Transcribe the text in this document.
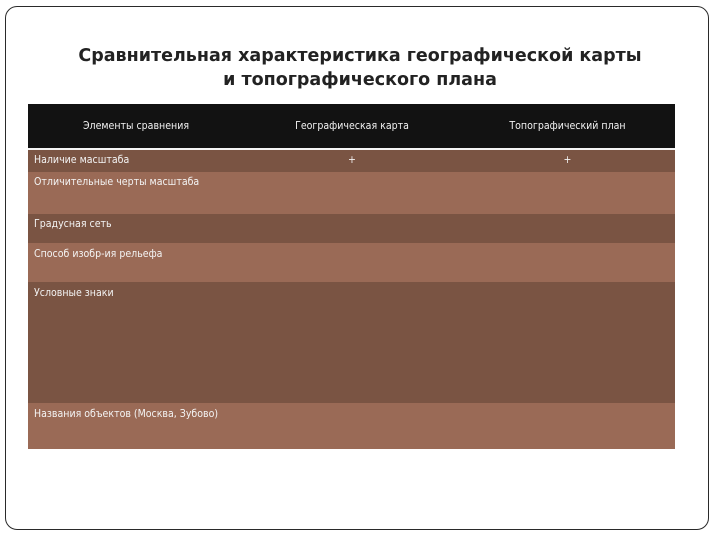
Сравнительная характеристика географической карты
и топографического плана
Элементы сравнения	Географическая карта	Топографический план
Наличие масштаба	+	+
Отличительные черты масштаба		
Градусная сеть		
Способ изобр-ия рельефа		
Условные знаки		
Названия объектов (Москва, Зубово)		
